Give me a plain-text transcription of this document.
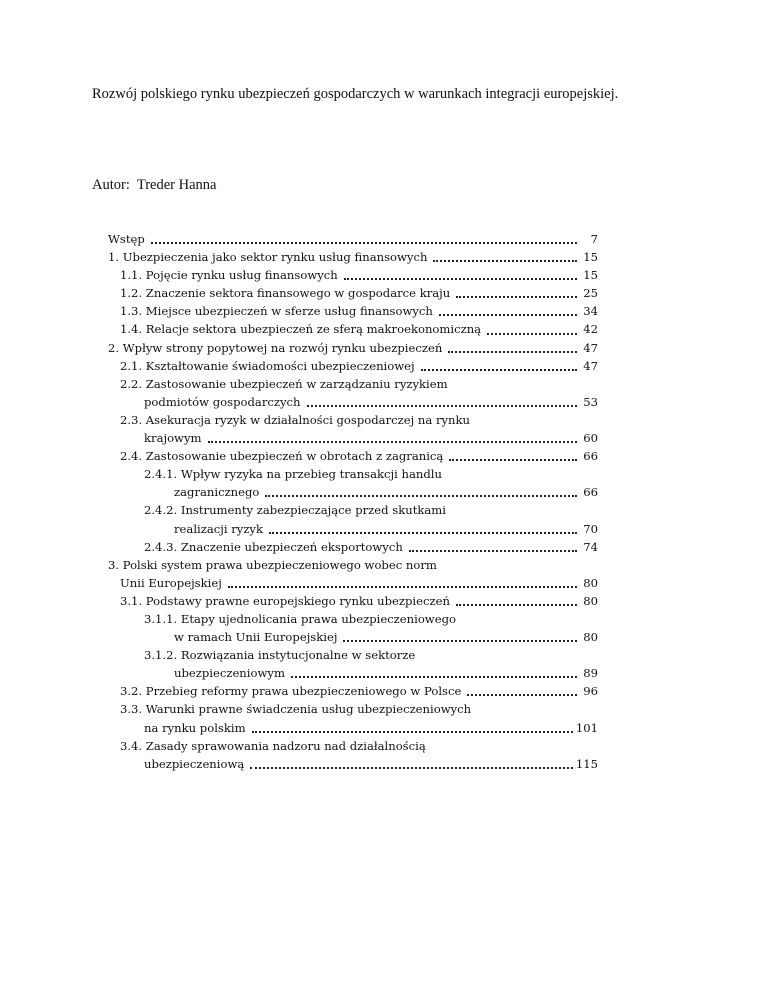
Rozwój polskiego rynku ubezpieczeń gospodarczych w warunkach integracji europejskiej.
Autor: Treder Hanna
Wstęp	7
1. Ubezpieczenia jako sektor rynku usług finansowych	15
1.1. Pojęcie rynku usług finansowych	15
1.2. Znaczenie sektora finansowego w gospodarce kraju	25
1.3. Miejsce ubezpieczeń w sferze usług finansowych	34
1.4. Relacje sektora ubezpieczeń ze sferą makroekonomiczną	42
2. Wpływ strony popytowej na rozwój rynku ubezpieczeń	47
2.1. Kształtowanie świadomości ubezpieczeniowej	47
2.2. Zastosowanie ubezpieczeń w zarządzaniu ryzykiem
podmiotów gospodarczych	53
2.3. Asekuracja ryzyk w działalności gospodarczej na rynku
krajowym	60
2.4. Zastosowanie ubezpieczeń w obrotach z zagranicą	66
2.4.1. Wpływ ryzyka na przebieg transakcji handlu
zagranicznego	66
2.4.2. Instrumenty zabezpieczające przed skutkami
realizacji ryzyk	70
2.4.3. Znaczenie ubezpieczeń eksportowych	74
3. Polski system prawa ubezpieczeniowego wobec norm
Unii Europejskiej	80
3.1. Podstawy prawne europejskiego rynku ubezpieczeń	80
3.1.1. Etapy ujednolicania prawa ubezpieczeniowego
w ramach Unii Europejskiej	80
3.1.2. Rozwiązania instytucjonalne w sektorze
ubezpieczeniowym	89
3.2. Przebieg reformy prawa ubezpieczeniowego w Polsce	96
3.3. Warunki prawne świadczenia usług ubezpieczeniowych
na rynku polskim	101
3.4. Zasady sprawowania nadzoru nad działalnością
ubezpieczeniową	115
